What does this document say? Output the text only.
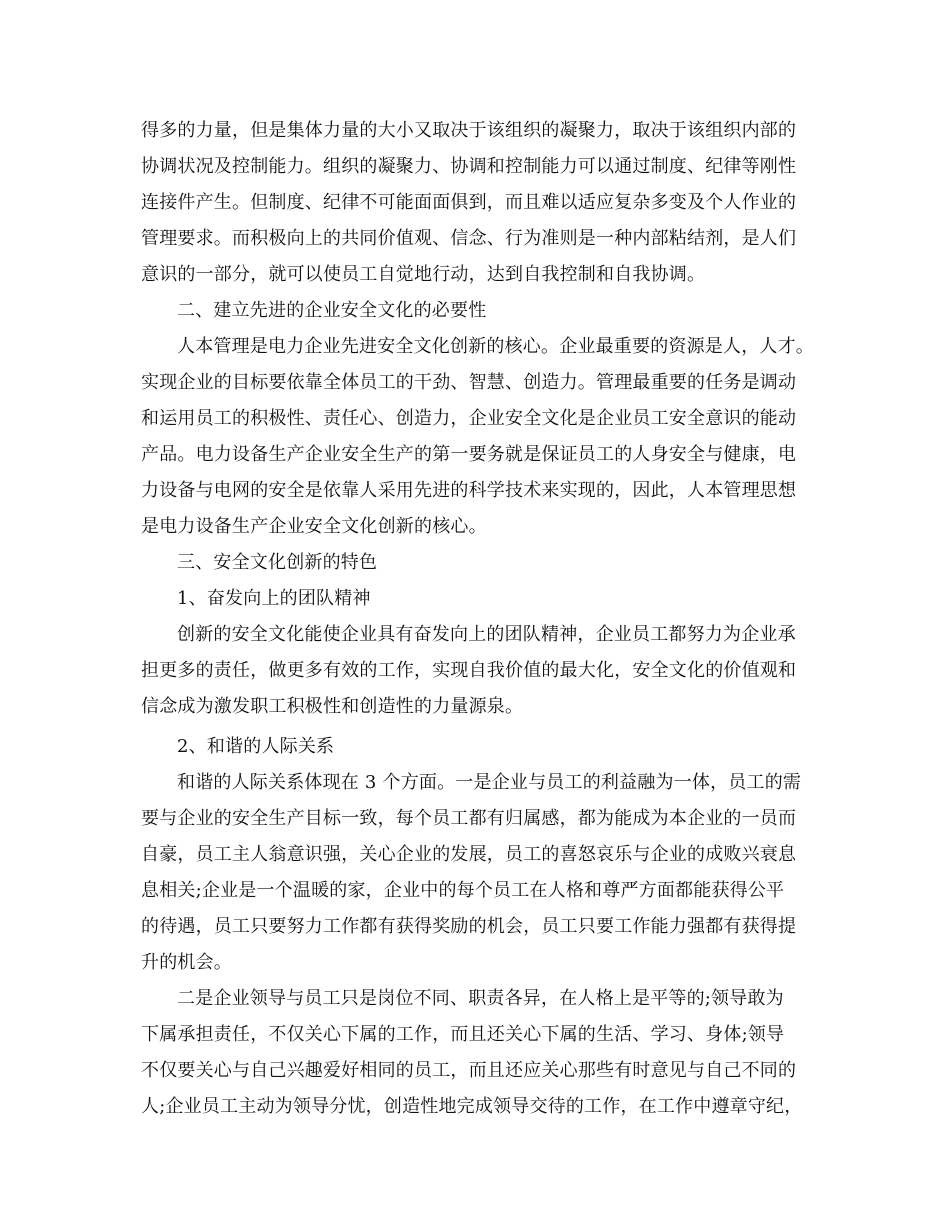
得多的力量，但是集体力量的大小又取决于该组织的凝聚力，取决于该组织内部的
协调状况及控制能力。组织的凝聚力、协调和控制能力可以通过制度、纪律等刚性
连接件产生。但制度、纪律不可能面面俱到，而且难以适应复杂多变及个人作业的
管理要求。而积极向上的共同价值观、信念、行为准则是一种内部粘结剂，是人们
意识的一部分，就可以使员工自觉地行动，达到自我控制和自我协调。
二、建立先进的企业安全文化的必要性
人本管理是电力企业先进安全文化创新的核心。企业最重要的资源是人，人才。
实现企业的目标要依靠全体员工的干劲、智慧、创造力。管理最重要的任务是调动
和运用员工的积极性、责任心、创造力，企业安全文化是企业员工安全意识的能动
产品。电力设备生产企业安全生产的第一要务就是保证员工的人身安全与健康，电
力设备与电网的安全是依靠人采用先进的科学技术来实现的，因此，人本管理思想
是电力设备生产企业安全文化创新的核心。
三、安全文化创新的特色
1、奋发向上的团队精神
创新的安全文化能使企业具有奋发向上的团队精神，企业员工都努力为企业承
担更多的责任，做更多有效的工作，实现自我价值的最大化，安全文化的价值观和
信念成为激发职工积极性和创造性的力量源泉。
2、和谐的人际关系
和谐的人际关系体现在 3 个方面。一是企业与员工的利益融为一体，员工的需
要与企业的安全生产目标一致，每个员工都有归属感，都为能成为本企业的一员而
自豪，员工主人翁意识强，关心企业的发展，员工的喜怒哀乐与企业的成败兴衰息
息相关;企业是一个温暖的家，企业中的每个员工在人格和尊严方面都能获得公平
的待遇，员工只要努力工作都有获得奖励的机会，员工只要工作能力强都有获得提
升的机会。
二是企业领导与员工只是岗位不同、职责各异，在人格上是平等的;领导敢为
下属承担责任，不仅关心下属的工作，而且还关心下属的生活、学习、身体;领导
不仅要关心与自己兴趣爱好相同的员工，而且还应关心那些有时意见与自己不同的
人;企业员工主动为领导分忧，创造性地完成领导交待的工作，在工作中遵章守纪，
